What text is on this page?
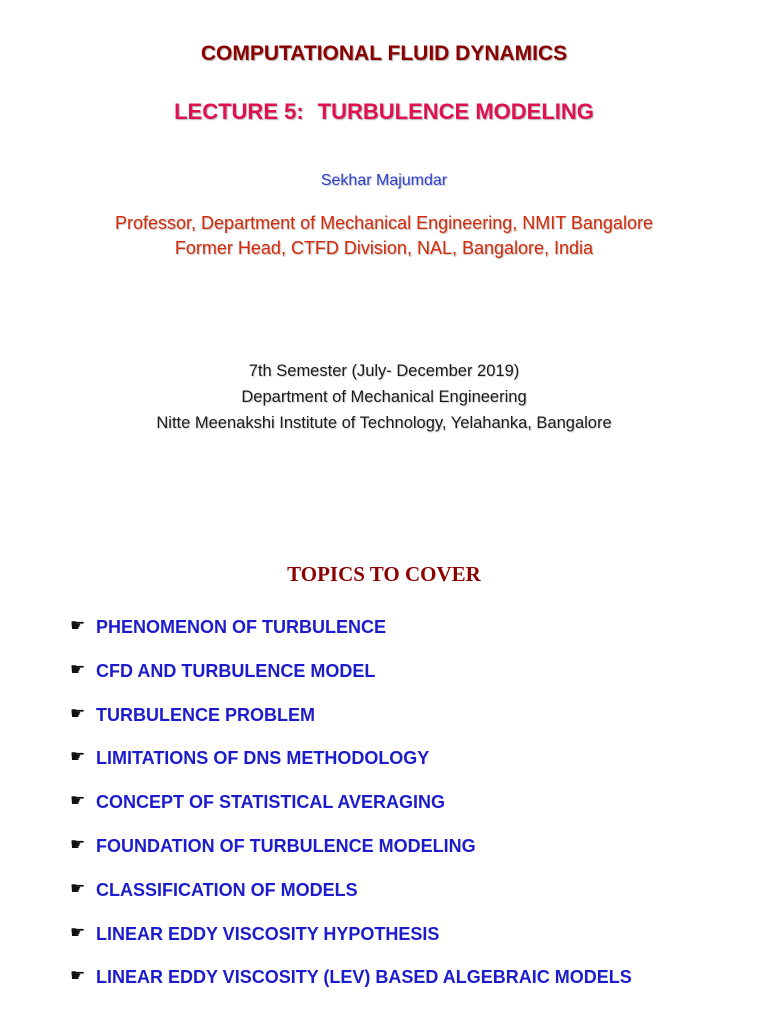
COMPUTATIONAL FLUID DYNAMICS
LECTURE 5: TURBULENCE MODELING
Sekhar Majumdar
Professor, Department of Mechanical Engineering, NMIT Bangalore
Former Head, CTFD Division, NAL, Bangalore, India
7th Semester (July- December 2019)
Department of Mechanical Engineering
Nitte Meenakshi Institute of Technology, Yelahanka, Bangalore
TOPICS TO COVER
☛ PHENOMENON OF TURBULENCE
☛ CFD AND TURBULENCE MODEL
☛ TURBULENCE PROBLEM
☛ LIMITATIONS OF DNS METHODOLOGY
☛ CONCEPT OF STATISTICAL AVERAGING
☛ FOUNDATION OF TURBULENCE MODELING
☛ CLASSIFICATION OF MODELS
☛ LINEAR EDDY VISCOSITY HYPOTHESIS
☛ LINEAR EDDY VISCOSITY (LEV) BASED ALGEBRAIC MODELS
